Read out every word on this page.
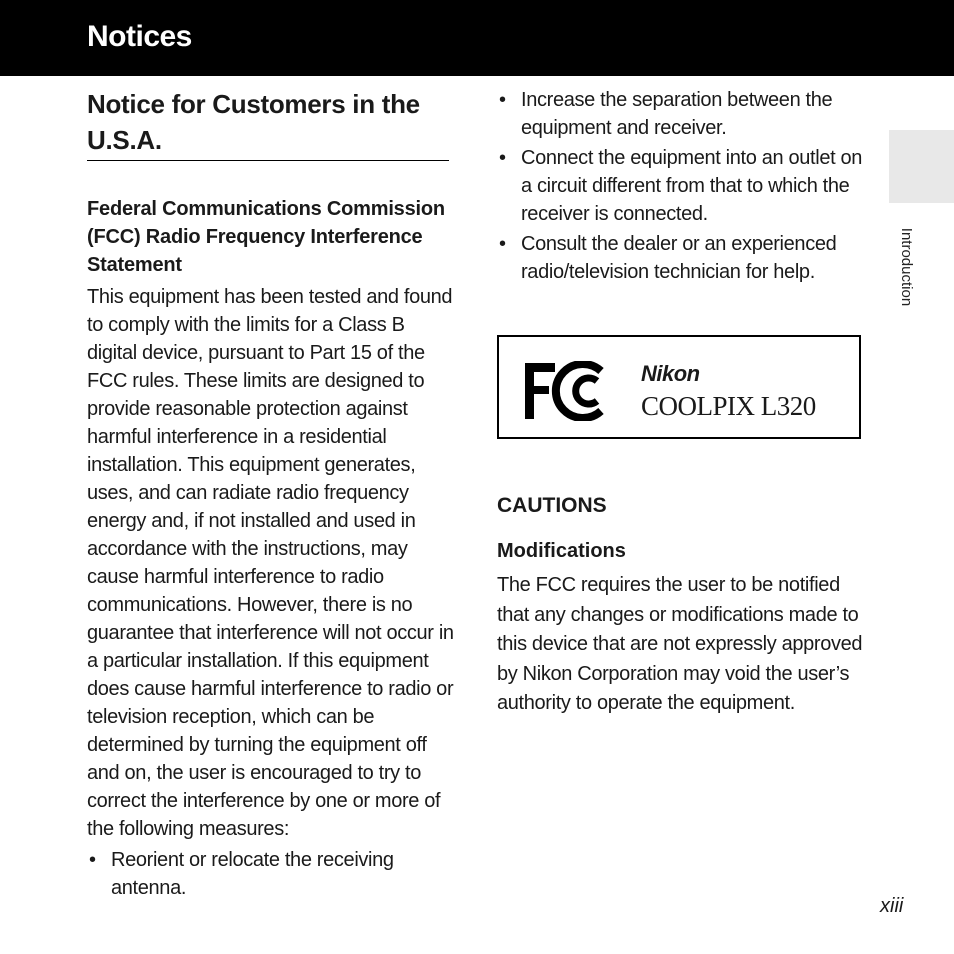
Notices
Introduction
Notice for Customers in the U.S.A.
Federal Communications Commission (FCC) Radio Frequency Interference Statement

This equipment has been tested and found to comply with the limits for a Class B digital device, pursuant to Part 15 of the FCC rules. These limits are designed to provide reasonable protection against harmful interference in a residential installation. This equipment generates, uses, and can radiate radio frequency energy and, if not installed and used in accordance with the instructions, may cause harmful interference to radio communications. However, there is no guarantee that interference will not occur in a particular installation. If this equipment does cause harmful interference to radio or television reception, which can be determined by turning the equipment off and on, the user is encouraged to try to correct the interference by one or more of the following measures:

• Reorient or relocate the receiving antenna.
• Increase the separation between the equipment and receiver.
• Connect the equipment into an outlet on a circuit different from that to which the receiver is connected.
• Consult the dealer or an experienced radio/television technician for help.
Nikon
COOLPIX L320
CAUTIONS
Modifications

The FCC requires the user to be notified that any changes or modifications made to this device that are not expressly approved by Nikon Corporation may void the user’s authority to operate the equipment.

xiii
